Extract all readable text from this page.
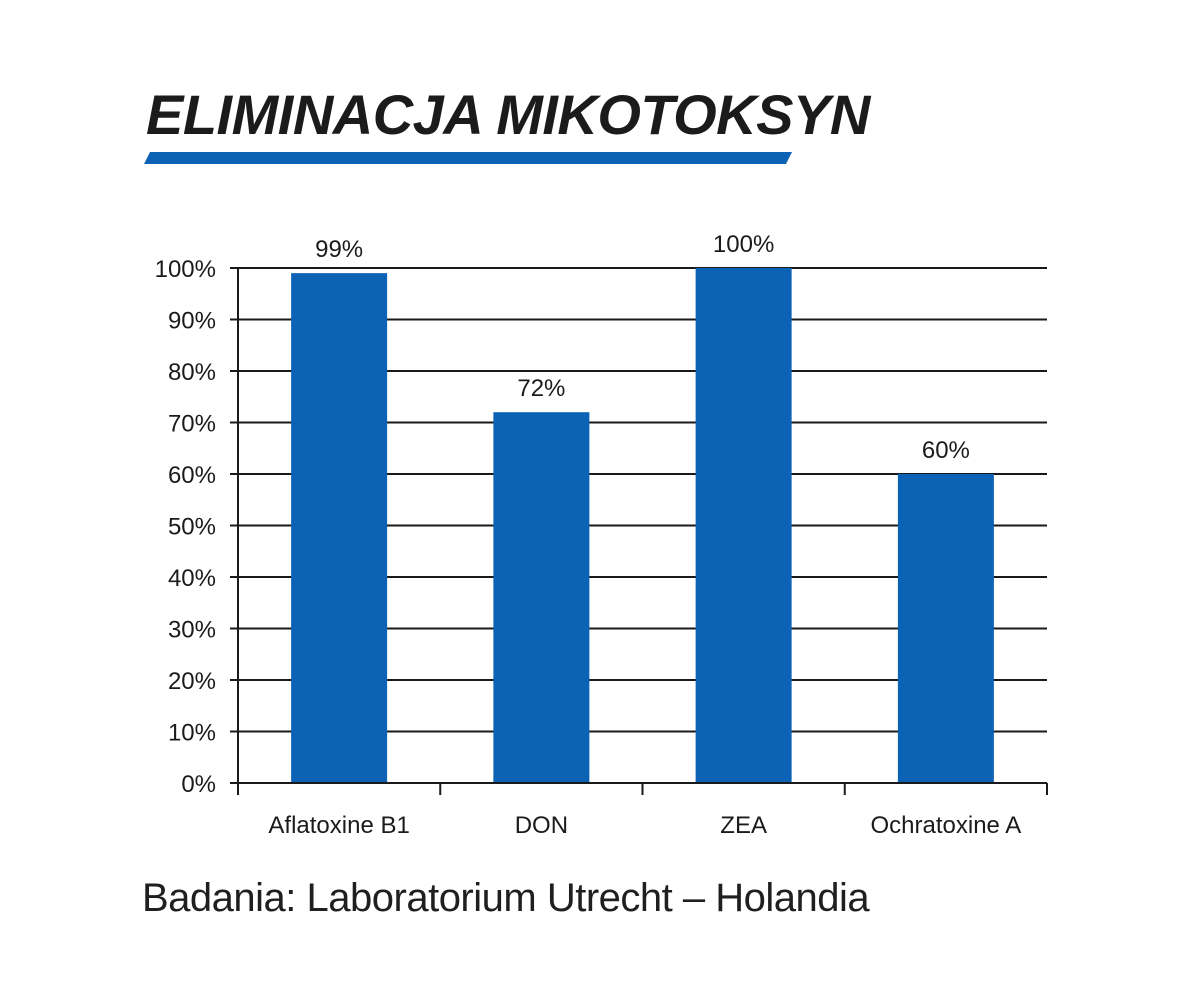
ELIMINACJA MIKOTOKSYN
0%
10%
20%
30%
40%
50%
60%
70%
80%
90%
100%
99%
Aflatoxine B1
72%
DON
100%
ZEA
60%
Ochratoxine A

Badania: Laboratorium Utrecht – Holandia
